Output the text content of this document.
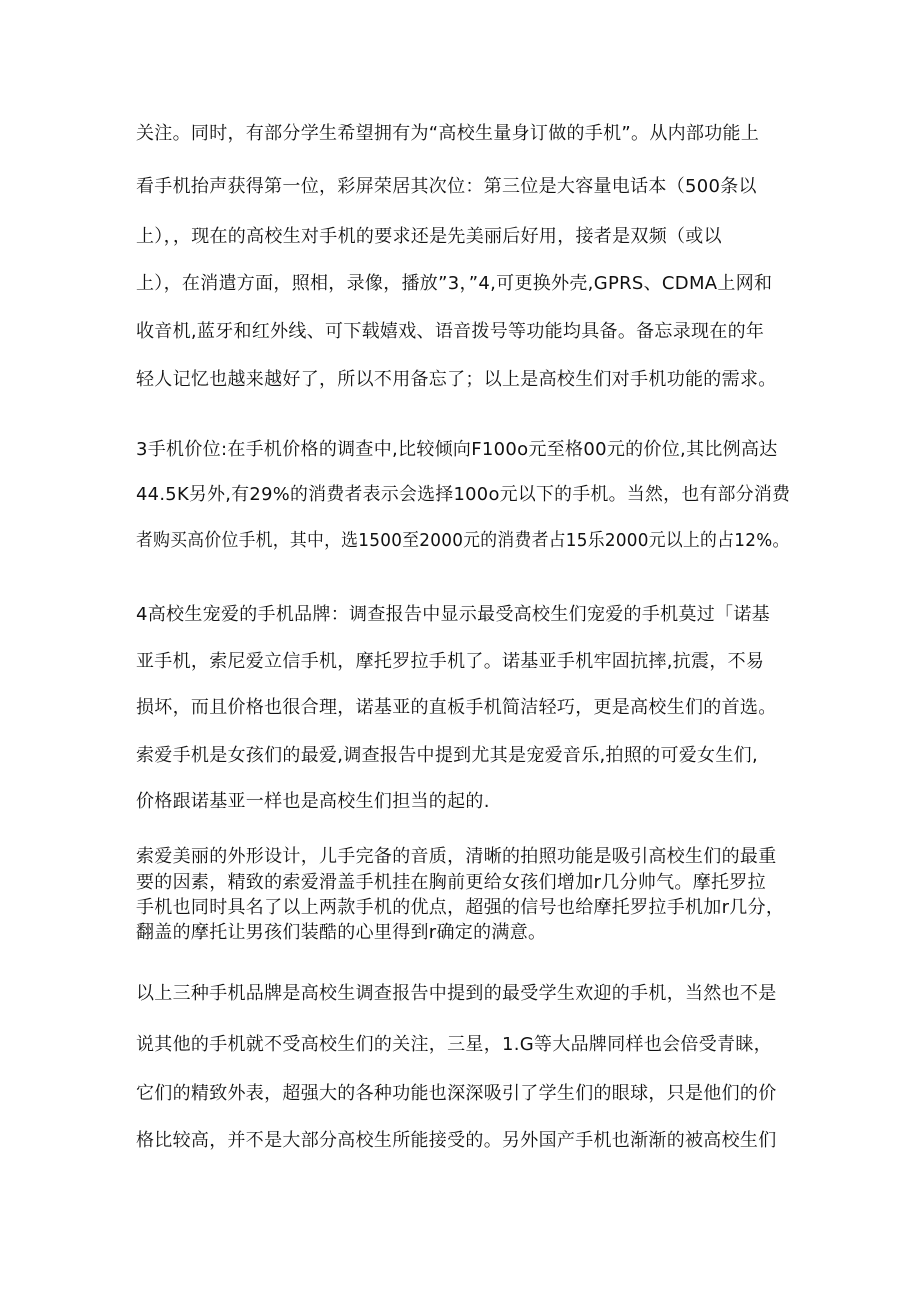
关注。同时，有部分学生希望拥有为“高校生量身订做的手机”。从内部功能上
看手机抬声获得第一位，彩屏荣居其次位：第三位是大容量电话本（500条以
上），，现在的高校生对手机的要求还是先美丽后好用，接者是双频（或以
上），在消遣方面，照相，录像，播放”3，”4,可更换外壳,GPRS、CDMA上网和
收音机,蓝牙和红外线、可下载嬉戏、语音拨号等功能均具备。备忘录现在的年
轻人记忆也越来越好了，所以不用备忘了；以上是高校生们对手机功能的需求。
3手机价位:在手机价格的调查中,比较倾向F100o元至格00元的价位,其比例高达
44.5K另外,有29%的消费者表示会选择100o元以下的手机。当然，也有部分消费
者购买高价位手机，其中，选1500至2000元的消费者占15乐2000元以上的占12%。
4高校生宠爱的手机品牌：调查报告中显示最受高校生们宠爱的手机莫过「诺基
亚手机，索尼爱立信手机，摩托罗拉手机了。诺基亚手机牢固抗摔,抗震，不易
损坏，而且价格也很合理，诺基亚的直板手机简洁轻巧，更是高校生们的首选。
索爱手机是女孩们的最爱,调查报告中提到尤其是宠爱音乐,拍照的可爱女生们,
价格跟诺基亚一样也是高校生们担当的起的.
索爱美丽的外形设计，儿手完备的音质，清晰的拍照功能是吸引高校生们的最重
要的因素，精致的索爱滑盖手机挂在胸前更给女孩们增加r几分帅气。摩托罗拉
手机也同时具名了以上两款手机的优点，超强的信号也给摩托罗拉手机加r几分，
翻盖的摩托让男孩们装酷的心里得到r确定的满意。
以上三种手机品牌是高校生调查报告中提到的最受学生欢迎的手机，当然也不是
说其他的手机就不受高校生们的关注，三星，1.G等大品牌同样也会倍受青睐，
它们的精致外表，超强大的各种功能也深深吸引了学生们的眼球，只是他们的价
格比较高，并不是大部分高校生所能接受的。另外国产手机也渐渐的被高校生们
